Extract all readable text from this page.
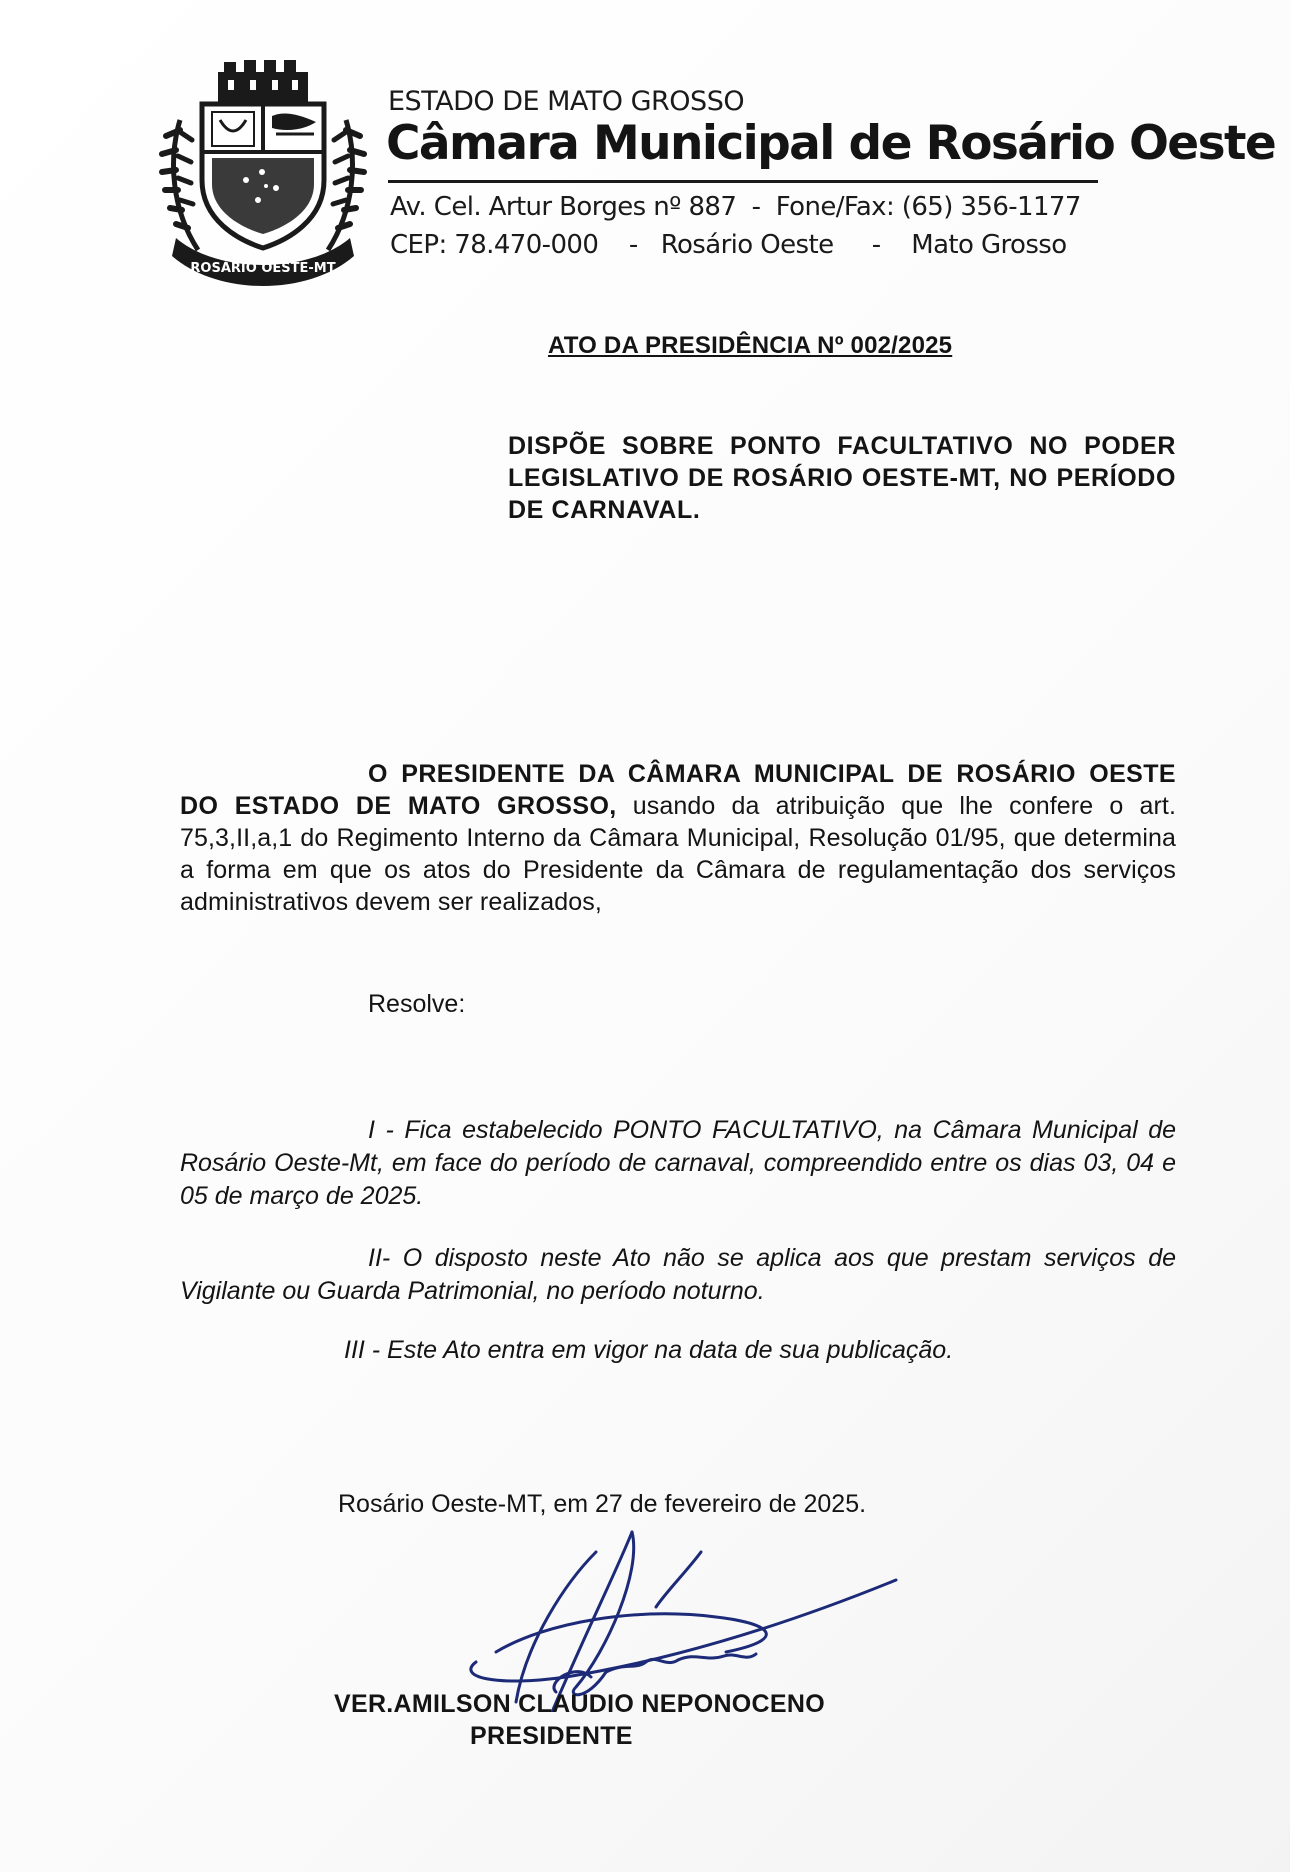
ROSÁRIO OESTE-MT
ESTADO DE MATO GROSSO
Câmara Municipal de Rosário Oeste
Av. Cel. Artur Borges nº 887  -  Fone/Fax: (65) 356-1177
CEP: 78.470-000    -   Rosário Oeste     -    Mato Grosso
ATO DA PRESIDÊNCIA Nº 002/2025
DISPÕE SOBRE PONTO FACULTATIVO NO PODER LEGISLATIVO DE ROSÁRIO OESTE-MT, NO PERÍODO DE CARNAVAL.
O PRESIDENTE DA CÂMARA MUNICIPAL DE ROSÁRIO OESTE DO ESTADO DE MATO GROSSO, usando da atribuição que lhe confere o art. 75,3,II,a,1 do Regimento Interno da Câmara Municipal, Resolução 01/95, que determina a forma em que os atos do Presidente da Câmara de regulamentação dos serviços administrativos devem ser realizados,
Resolve:
I - Fica estabelecido PONTO FACULTATIVO, na Câmara Municipal de Rosário Oeste-Mt, em face do período de carnaval, compreendido entre os dias 03, 04 e 05 de março de 2025.
II- O disposto neste Ato não se aplica aos que prestam serviços de Vigilante ou Guarda Patrimonial, no período noturno.
III - Este Ato entra em vigor na data de sua publicação.
Rosário Oeste-MT, em 27 de fevereiro de 2025.
VER.AMILSON CLAUDIO NEPONOCENO
PRESIDENTE
